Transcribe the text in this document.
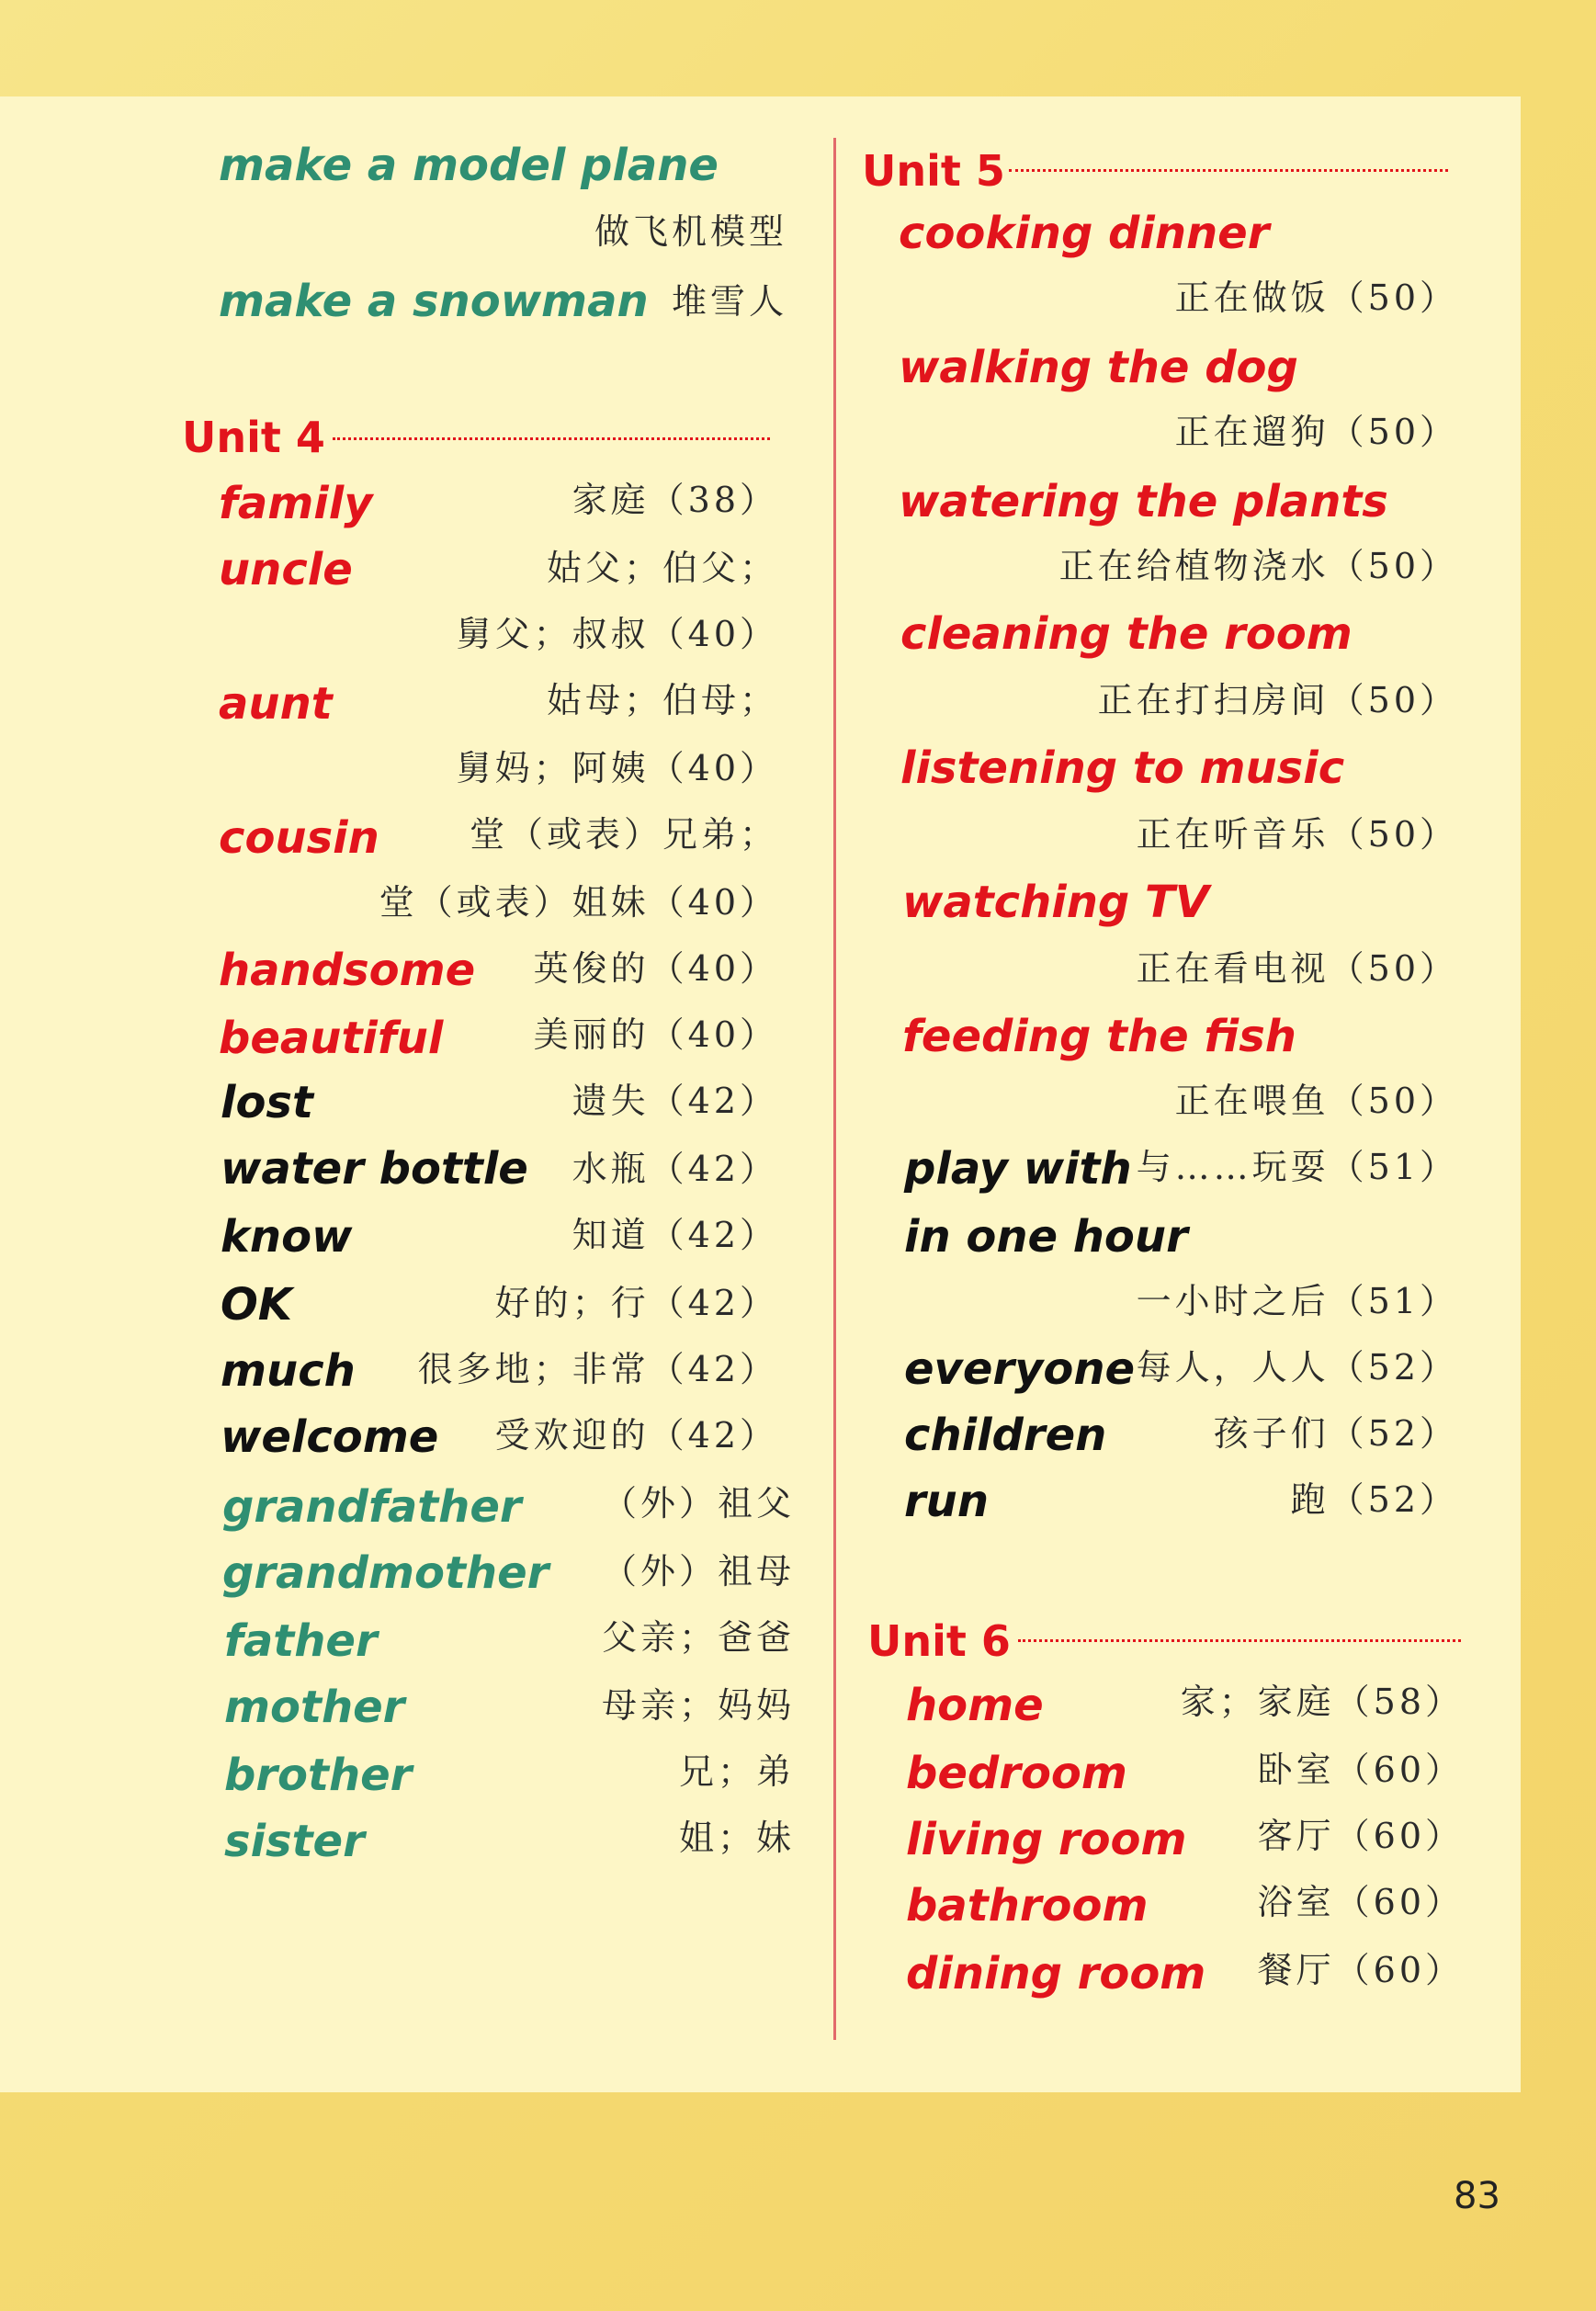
make a model plane
做飞机模型
make a snowman 堆雪人
Unit 4
family	家庭（38）
uncle	姑父；伯父；
舅父；叔叔（40）
aunt	姑母；伯母；
舅妈；阿姨（40）
cousin	堂（或表）兄弟；
堂（或表）姐妹（40）
handsome 英俊的（40）
beautiful	美丽的（40）
lost	遗失（42）
water bottle 水瓶（42）
know	知道（42）
OK	好的；行（42）
much 很多地；非常（42）
welcome 受欢迎的（42）
grandfather （外）祖父
grandmother （外）祖母
father	父亲；爸爸
mother	母亲；妈妈
brother	兄；弟
sister	姐；妹
Unit 5
cooking dinner
正在做饭（50）
walking the dog
正在遛狗（50）
watering the plants
正在给植物浇水（50）
cleaning the room
正在打扫房间（50）
listening to music
正在听音乐（50）
watching TV
正在看电视（50）
feeding the fish
正在喂鱼（50）
play with 与……玩耍（51）
in one hour
一小时之后（51）
everyone 每人，人人（52）
children	孩子们（52）
run	跑（52）
Unit 6
home	家；家庭（58）
bedroom	卧室（60）
living room 客厅（60）
bathroom	浴室（60）
dining room 餐厅（60）
83
